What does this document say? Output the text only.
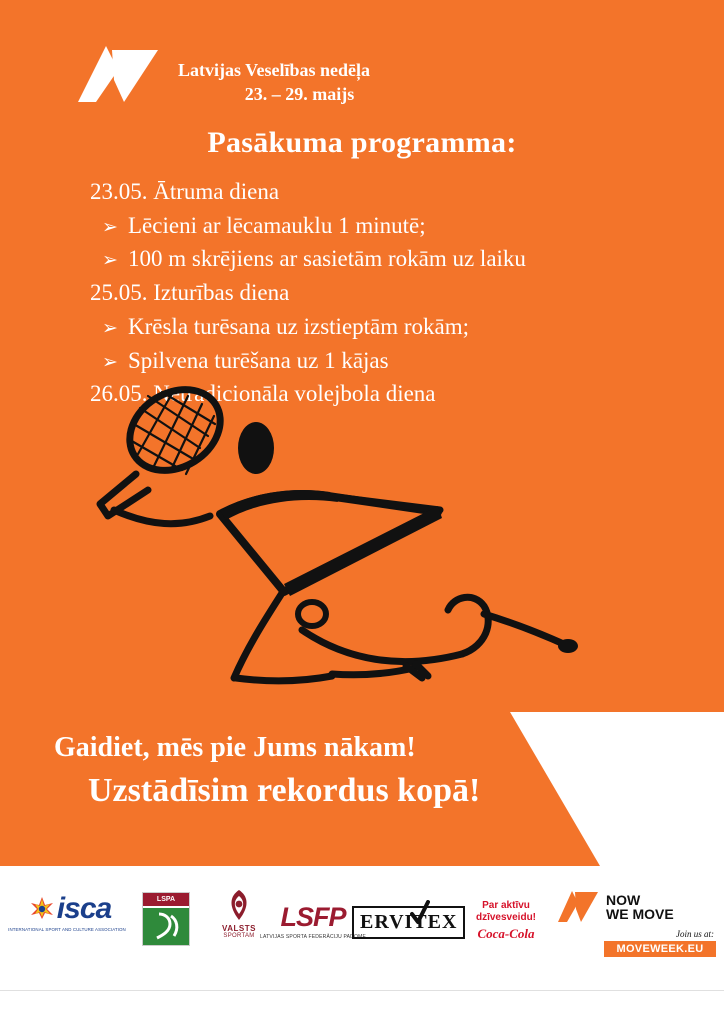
Latvijas Veselības nedēļa
23. – 29. maijs
Pasākuma programma:
23.05. Ātruma diena
➢ Lēcieni ar lēcamauklu 1 minutē;
➢ 100 m skrējiens ar sasietām rokām uz laiku
25.05. Izturības diena
➢ Krēsla turēsana uz izstieptām rokām;
➢ Spilvena turēšana uz 1 kājas
26.05. Netradicionāla volejbola diena
Gaidiet, mēs pie Jums nākam!
Uzstādīsim rekordus kopā!
isca
INTERNATIONAL SPORT AND CULTURE ASSOCIATION
LSPA
VALSTS
SPORTAM
LSFP
LATVIJAS SPORTA FEDERĀCIJU PADOME
ERVITEX
Par aktīvu
dzīvesveidu!
Coca-Cola
NOW
WE MOVE
Join us at:
MOVEWEEK.EU
